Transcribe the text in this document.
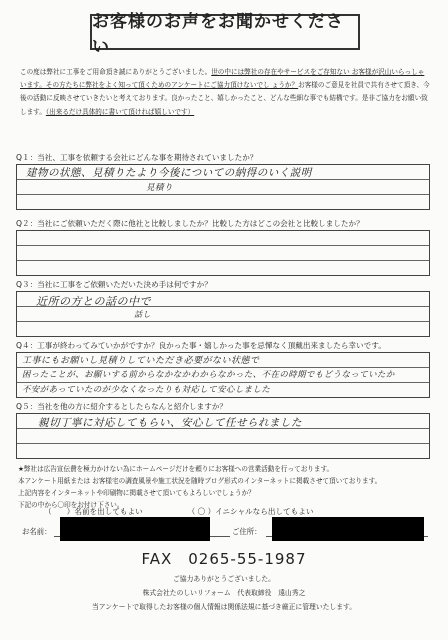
お客様のお声をお聞かせください
この度は弊社に工事をご用命頂き誠にありがとうございました。世の中には弊社の存在やサービスをご存知ない お客様が沢山いらっしゃいます。その方たちに弊社をよく知って頂くためのアンケートにご協力頂けないでし ょうか？お客様のご意見を社員で共有させて頂き、今後の活動に反映させていきたいと考えております。良かったこと、嬉しかったこと、どんな些細な事でも結構です。是非ご協力をお願い致します。（出来るだけ具体的に書いて頂ければ嬉しいです）
Q１：当社、工事を依頼する会社にどんな事を期待されていましたか？
建物の状態、見積りたより今後についての納得のいく説明
見積り
Q２：当社にご依頼いただく際に他社と比較しましたか？比較した方はどこの会社と比較しましたか？
Q３：当社に工事をご依頼いただいた決め手は何ですか？
近所の方との話の中で
話し
Q４：工事が終わってみていかがですか？良かった事・嬉しかった事を忌憚なく頂戴出来ましたら幸いです。
工事にもお願いし見積りしていただき必要がない状態で
困ったことが、お願いする前からなかなかわからなかった、不在の時期でもどうなっていたか
不安があっていたのが少なくなったりも対応して安心しました
Q５：当社を他の方に紹介するとしたらなんと紹介しますか？
親切丁寧に対応してもらい、安心して任せられました
★弊社は広告宣伝費を極力かけない為にホームページだけを頼りにお客様への営業活動を行っております。
本アンケート用紙または お客様宅の調査風景や施工状況を随時ブログ形式のインターネットに掲載させて頂いております。
上記内容をインターネットや印刷物に掲載させて頂いてもよろしいでしょうか？
下記の中から〇印をお付け下さい。
（　　）名前を出してもよい	（ 〇 ）イニシャルなら出してもよい
お名前：	ご住所：
FAX　0265-55-1987
ご協力ありがとうございました。
株式会社たのしいリフォーム　代表取締役　遠山秀之
当アンケートで取得したお客様の個人情報は関係法規に基づき厳正に管理いたします。
